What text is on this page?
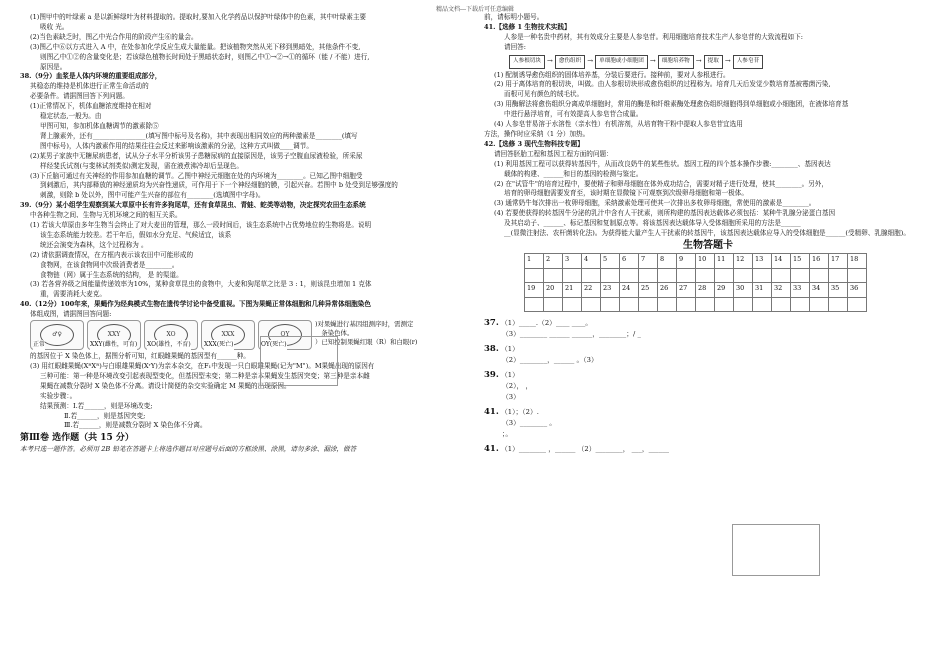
精品文档---下载后可任意编辑
(1)图甲中的叶绿素 a 是以新鲜绿叶为材料提取的。提取时,要加入化学药品以保护叶绿体中的色素，其中叶绿素主要
吸收 光。
(2)当色素缺乏时，图乙中光合作用的阶段产生⑥的量会。
(3)图乙中⑥以方式进入 A 中，在处参加化学反应生成大量能量。把该植物突然从光下移到黑暗处，其他条件不变,
则图乙中①②的含量变化是；若该绿色植物长时间处于黑暗状态时，则图乙中①→②→①的循环（能 / 不能）进行,
原因是。
38.（9分）血浆是人体内环境的重要组成部分，
其稳态的维持是机体进行正常生命活动的
必要条件。请据图回答下列问题。
(1)正常情况下，机体血糖浓度维持在相对
稳定状态,一般为。由
甲图可知，参加机体血糖调节的激素除⑤
肾上腺素外，还有________________(填写图中标号及名称)，其中表现出相同效应的两种激素是________(填写
图中标号)，人体内激素作用的结果往往会反过来影响该激素的分泌，这种方式叫做____调节。
(2)某男子家族中无糖尿病患者，试从分子水平分析该男子患糖尿病的直接原因是，该男子空腹血尿液检验，所采尿
样经斐氏试剂(与斐林试剂类似)测定发现，需在液煮沸冷却后呈现色。
(3)下丘脑可通过有关神经的作用参加血糖的调节。乙图中神经元细胞在处的内环境为________。已知乙图中细胞受
到刺激后，其内部释放的神经递质均为兴奋性递质，可作用于下一个神经细胞的膜，引起兴奋。若图中 b 处受到足够强度的
刺激，则除 b 处以外，图中可能产生兴奋的部位有________(选填图中字母)。
39.（9分）某小组学生观察到某大草原中长有许多狗尾草，还有食草昆虫、青蛙、蛇类等动物，决定探究农田生态系统
中各种生物之间、生物与无机环境之间的相互关系。
(1) 若该大草原由多年生物当会终止了对大麦田的管理，那么一段时间后，该生态系统中占优势地位的生物将是。说明
该生态系统能力较差。若干年后，假如水分充足、气候适宜，该系
统还会演变为森林，这个过程称为 。
(2) 请依据调查情况，在方框内表示该农田中可能形成的
食物网，在该食物网中次级消费者是________。
食物链（网）属于生态系统的结构， 是 的渠道。
(3) 若各营养级之间能量传递效率为10%，某种食草昆虫的食物中，大麦和狗尾草之比是 3 : 1，则该昆虫增加 1 克体
重，需要消耗大麦克。
40.（12分）100年来，果蝇作为经典模式生物在遗传学讨论中备受重视。下图为果蝇正常体细胞和几种异常体细胞染色
体组成图，请据图回答问题:
♂♀
正常
XXY
XXY(雌性，可育)
XO
XO(雄性，不育)
XXX
XXX(死亡)
OY
OY(死亡)
)对果蝇进行基因组测序时，需测定
__条染色体。
）已知控制果蝇红眼（R）和白眼(r)
的基因位于 X 染色体上，据图分析可知，红眼雌果蝇的基因型有______种。
(3) 用红眼雌果蝇(XᴿXᴿ)与白眼雄果蝇(XʳY)为亲本杂交，在F₁中发现一只白眼雄果蝇(记为"M")。M果蝇出现的原因有
三种可能：第一种是环境改变引起表现型变化，但基因型未变；第二种是亲本果蝇发生基因突变；第三种是亲本雌
果蝇在减数分裂时 X 染色体不分离。请设计简便的杂交实验确定 M 果蝇的出现原因。
实验步骤：。
结果预测：Ⅰ.若______，则是环境改变;
Ⅱ.若______，则是基因突变;
Ⅲ.若______，则是减数分裂时 X 染色体不分离。
第Ⅲ卷 选作题（共 15 分）
本考只选一题作答。必须用 2B 铅笔在答题卡上将选作题目对应题号后面的方框涂黑、涂黑，请勿多涂、漏涂，做答
前，请标明小题号。
41.【选修 1 生物技术实践】
人参是一种名贵中药材，其有效成分主要是人参皂苷。利用细胞培育技术生产人参皂苷的大致流程如下:
请回答:
人参根切块 →	愈伤组织 →	单细胞或小细胞团 →	细胞培养物 →	提取 →	人参皂苷
(1) 配制诱导愈伤组织的固体培养基，分装后要进行。接种前，要对人参根进行。
(2) 用于离体培育的根切块，叫做。由人参根切块形成愈伤组织的过程称为。培育几天后发觉少数培育基被霉菌污染,
而根可见有颜色的绒毛状。
(3) 用酶解法将愈伤组织分离成单细胞时，常用的酶是和纤维素酶处理愈伤组织细胞得到单细胞或小细胞团，在液体培育基
中进行悬浮培育，可有效提高人参皂苷合成量。
(4) 人参皂苷易溶于水溶性（亲水性）有机溶剂，从培育物干粉中提取人参皂苷宜选用
方法，操作时应采纳（1 分）加热。
42.【选修 3 现代生物科技专题】
请回答胚胎工程和基因工程方面的问题：
(1) 利用基因工程可以获得转基因牛，从而改良奶牛的某些性状。基因工程的四个基本操作步骤:________、基因表达
载体的构建、______和目的基因的检测与鉴定。
(2) 在"试管牛"的培育过程中，要使精子和卵母细胞在体外成功结合，需要对精子进行处理，使其________。另外，
培育的卵母细胞需要发育至，该时期在显微镜下可观察到次级卵母细胞和第一极体。
(3) 通常奶牛每次排出一枚卵母细胞，采纳激素处理可使其一次排出多枚卵母细胞，常使用的激素是________。
(4) 若要使获得的转基因牛分泌的乳汁中含有人干扰素，则所构建的基因表达载体必须包括：某种牛乳腺分泌蛋白基因
及其启动子、______、标记基因和复制原点等。将该基因表达载体导入受体细胞所采用的方法是______
__(显微注射法、农杆菌转化法)。为获得能大量产生人干扰素的转基因牛，该基因表达载体应导入的受体细胞是______(受精卵、乳腺细胞)。
生物答题卡
1	2	3	4	5	6	7	8	9	10	11	12	13	14	15	16	17	18

19	20	21	22	23	24	25	26	27	28	29	30	31	32	33	34	35	36

37. （1）_____.（2）____ ____。
（3）________ ______ ______，________；/ _
38. （1）
（2）________，______ 。（3）
39. （1）
（2）， ，
（3）
41. （1）；（2）.
（3）________ 。
；。
41. （1）________ ，______ （2）________， ___，______
